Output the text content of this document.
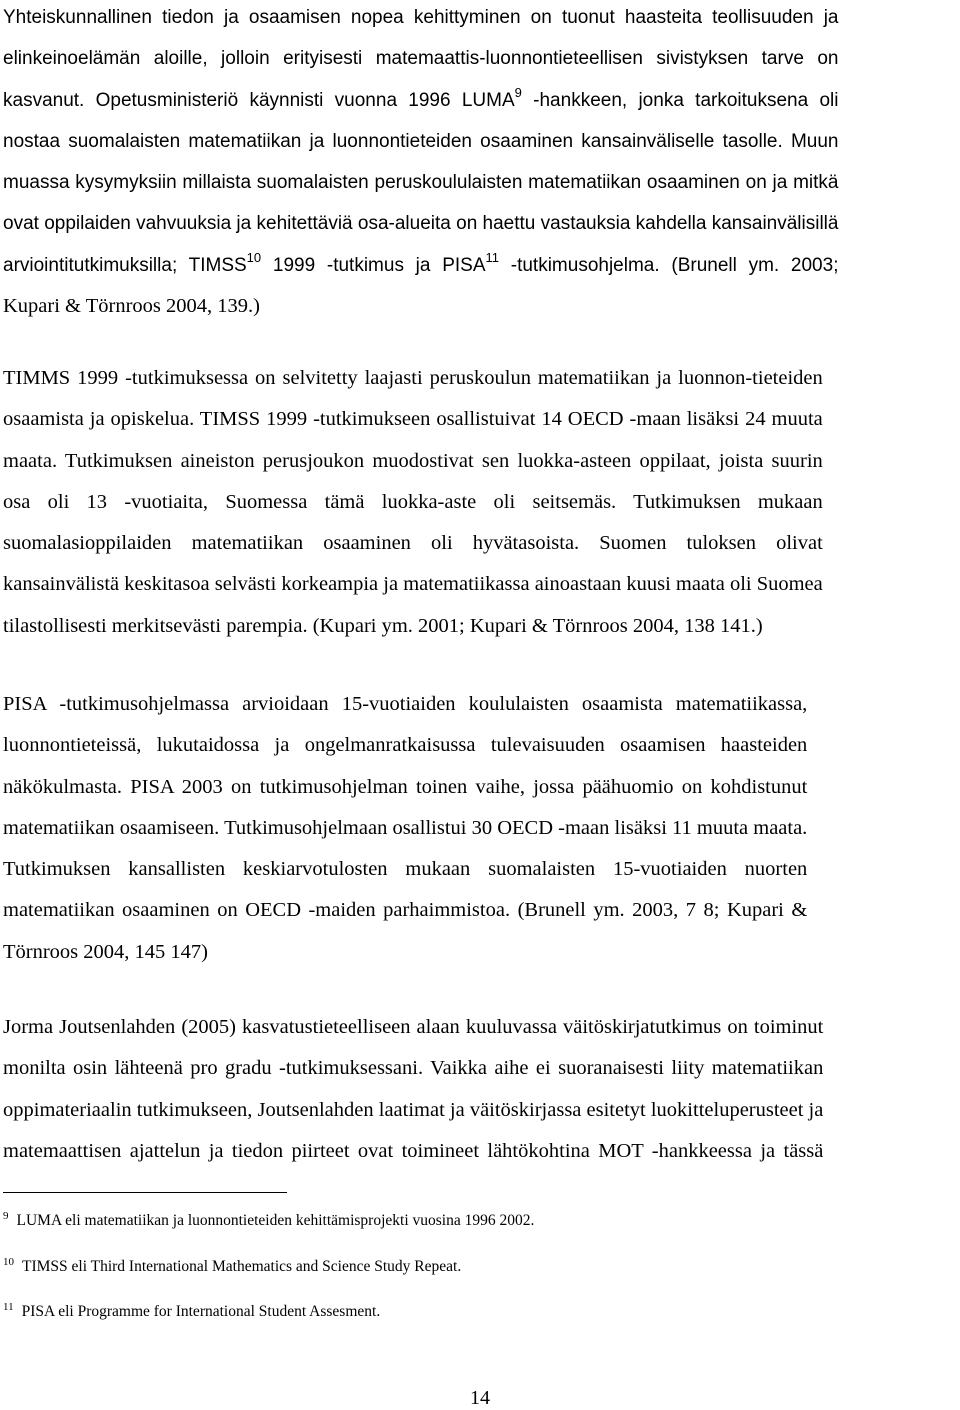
Yhteiskunnallinen tiedon ja osaamisen nopea kehittyminen on tuonut haasteita teollisuuden ja
elinkeinoelämän aloille, jolloin erityisesti matemaattis-luonnontieteellisen sivistyksen tarve on
kasvanut. Opetusministeriö käynnisti vuonna 1996 LUMA$^9$ -hankkeen, jonka tarkoituksena oli
nostaa suomalaisten matematiikan ja luonnontieteiden osaaminen kansainväliselle tasolle. Muun
muassa kysymyksiin millaista suomalaisten peruskoululaisten matematiikan osaaminen on ja mitkä
ovat oppilaiden vahvuuksia ja kehitettäviä osa-alueita on haettu vastauksia kahdella kansainvälisillä
arviointitutkimuksilla; TIMSS$^{10}$ 1999 -tutkimus ja PISA$^{11}$ -tutkimusohjelma. (Brunell ym. 2003;
Kupari & Törnroos 2004, 139.)
TIMMS 1999 -tutkimuksessa on selvitetty laajasti peruskoulun matematiikan ja luonnon-tieteiden
osaamista ja opiskelua. TIMSS 1999 -tutkimukseen osallistuivat 14 OECD -maan lisäksi 24 muuta
maata. Tutkimuksen aineiston perusjoukon muodostivat sen luokka-asteen oppilaat, joista suurin
osa oli 13 -vuotiaita, Suomessa tämä luokka-aste oli seitsemäs. Tutkimuksen mukaan
suomalasioppilaiden matematiikan osaaminen oli hyvätasoista. Suomen tuloksen olivat
kansainvälistä keskitasoa selvästi korkeampia ja matematiikassa ainoastaan kuusi maata oli Suomea
tilastollisesti merkitsevästi parempia. (Kupari ym. 2001; Kupari & Törnroos 2004, 138 141.)
PISA -tutkimusohjelmassa arvioidaan 15-vuotiaiden koululaisten osaamista matematiikassa,
luonnontieteissä, lukutaidossa ja ongelmanratkaisussa tulevaisuuden osaamisen haasteiden
näkökulmasta. PISA 2003 on tutkimusohjelman toinen vaihe, jossa päähuomio on kohdistunut
matematiikan osaamiseen. Tutkimusohjelmaan osallistui 30 OECD -maan lisäksi 11 muuta maata.
Tutkimuksen kansallisten keskiarvotulosten mukaan suomalaisten 15-vuotiaiden nuorten
matematiikan osaaminen on OECD -maiden parhaimmistoa. (Brunell ym. 2003, 7 8; Kupari &
Törnroos 2004, 145 147)
Jorma Joutsenlahden (2005) kasvatustieteelliseen alaan kuuluvassa väitöskirjatutkimus on toiminut
monilta osin lähteenä pro gradu -tutkimuksessani. Vaikka aihe ei suoranaisesti liity matematiikan
oppimateriaalin tutkimukseen, Joutsenlahden laatimat ja väitöskirjassa esitetyt luokitteluperusteet ja
matemaattisen ajattelun ja tiedon piirteet ovat toimineet lähtökohtina MOT -hankkeessa ja tässä
$^9$ LUMA eli matematiikan ja luonnontieteiden kehittämisprojekti vuosina 1996 2002.
$^{10}$ TIMSS eli Third International Mathematics and Science Study Repeat.
$^{11}$ PISA eli Programme for International Student Assesment.
14
